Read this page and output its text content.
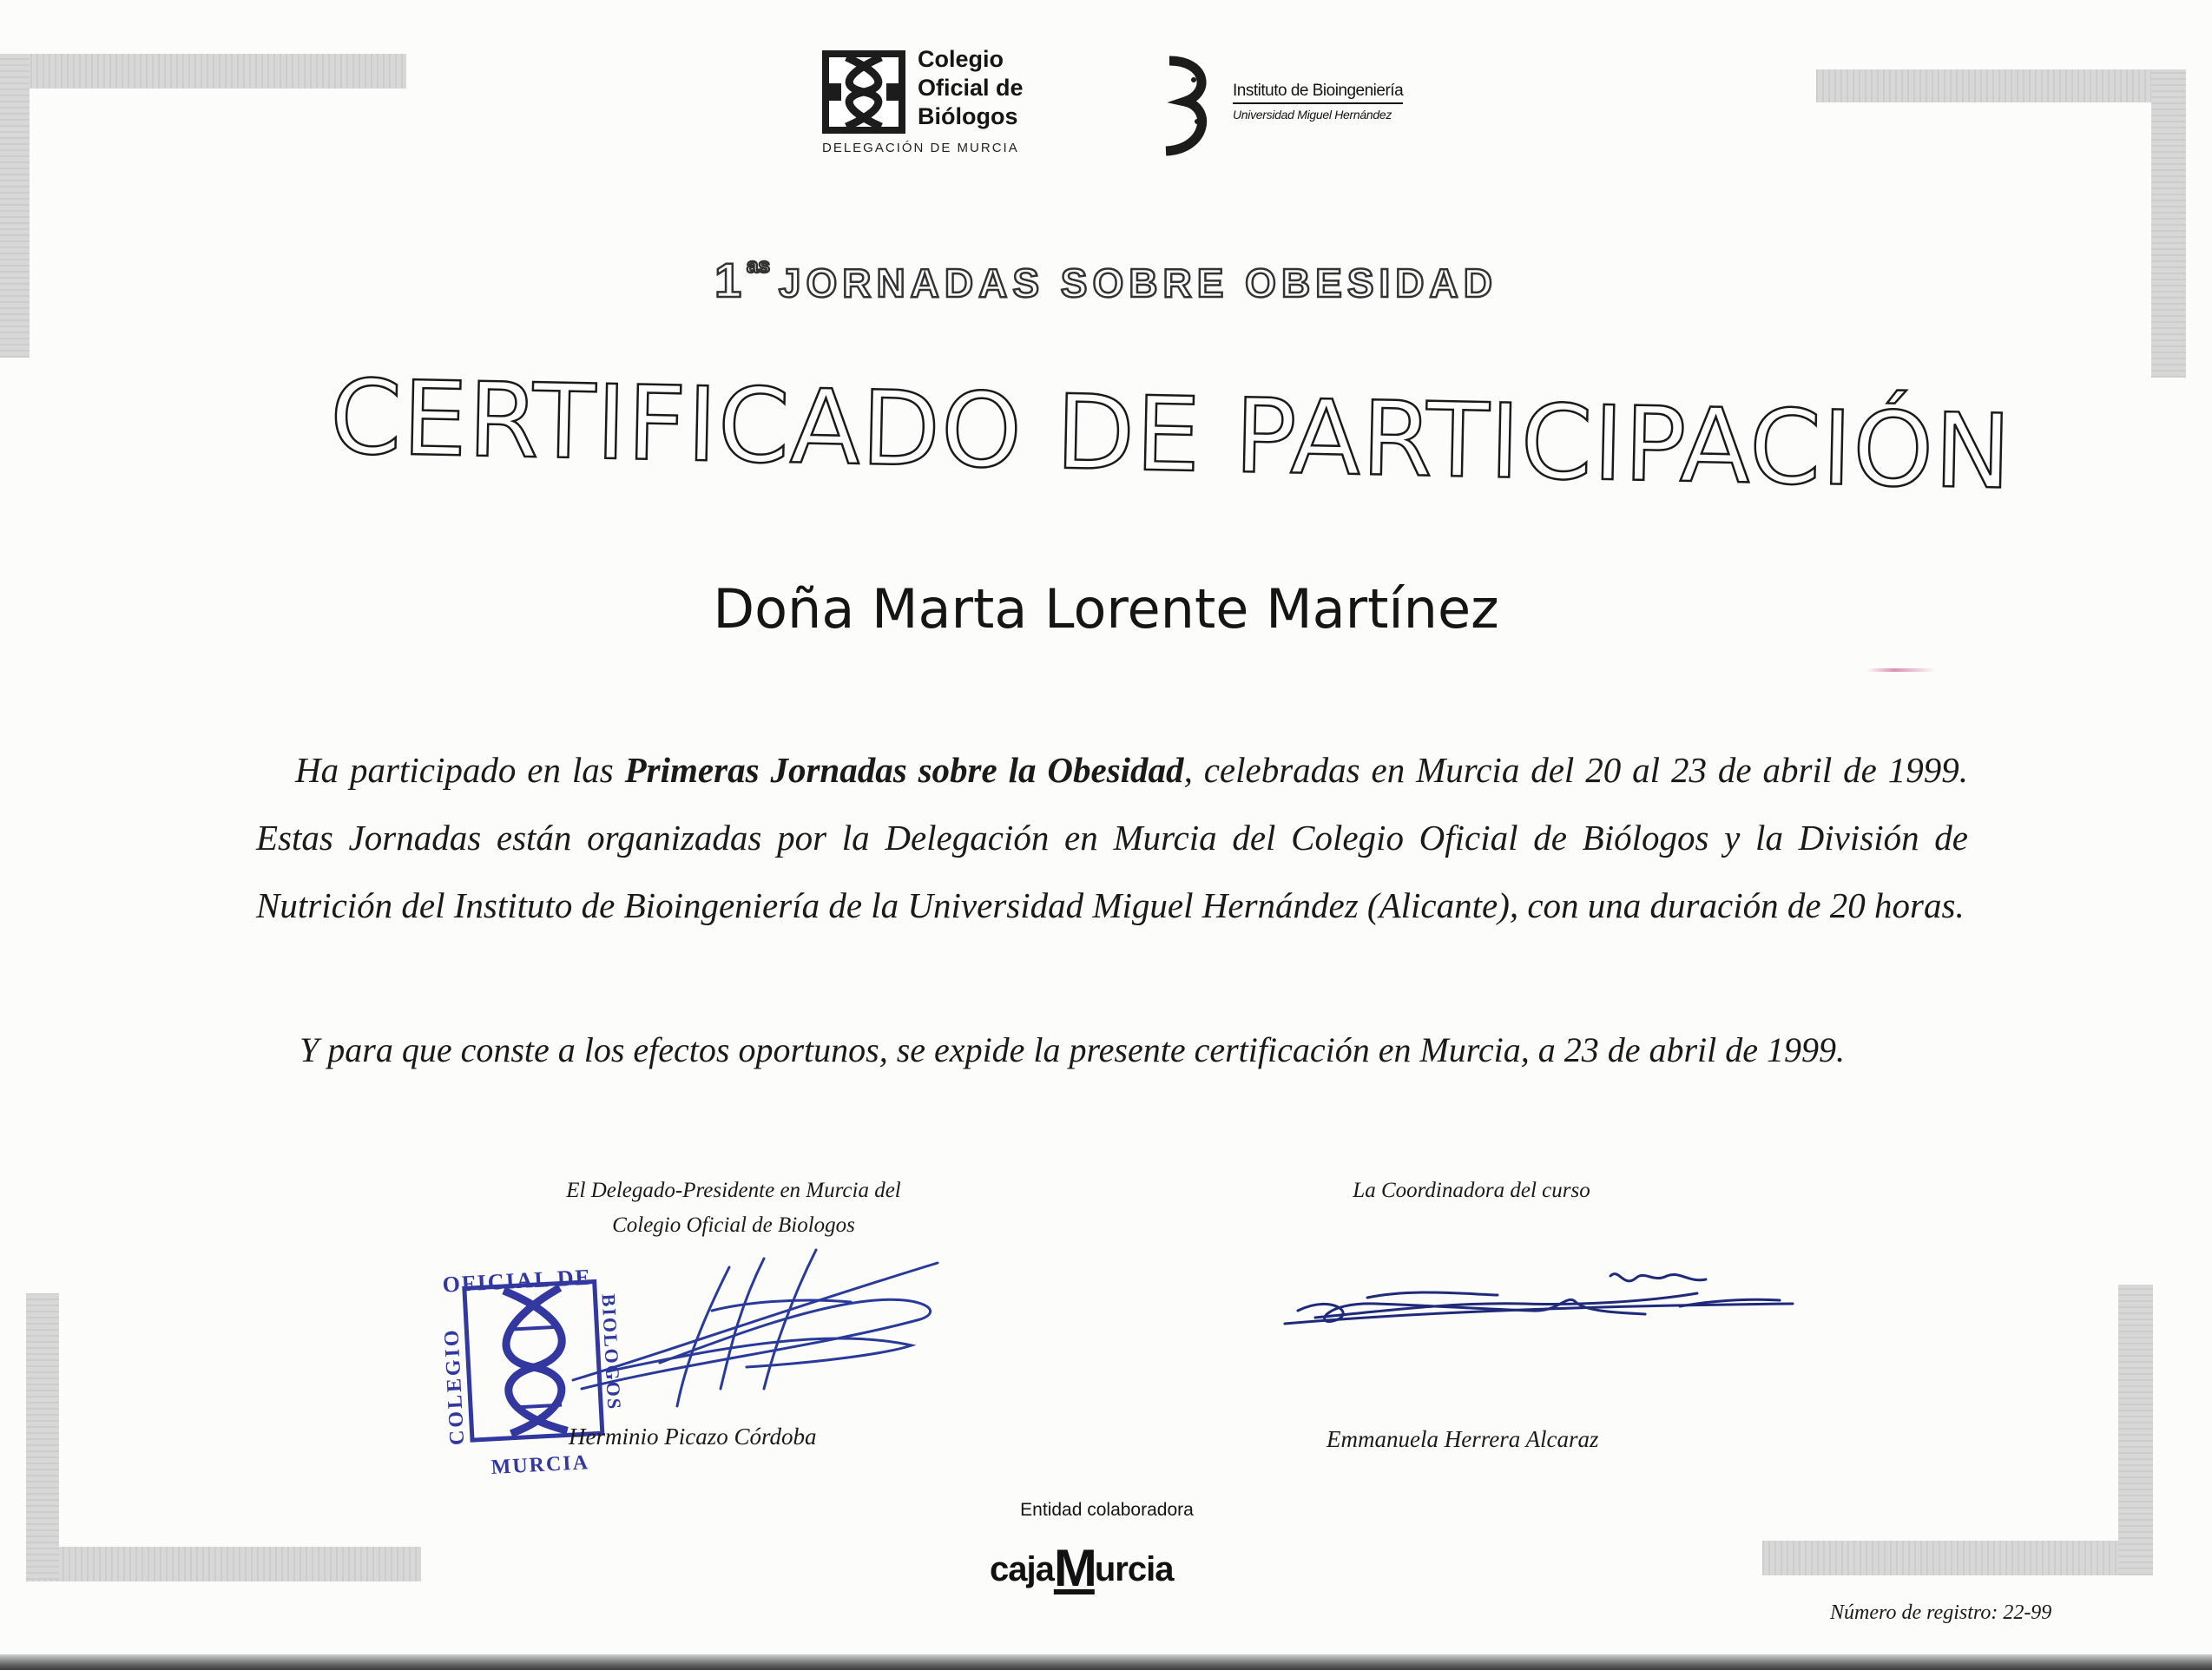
Colegio
Oficial de
Biólogos
DELEGACIÓN DE MURCIA
Instituto de Bioingeniería
Universidad Miguel Hernández
1as JORNADAS SOBRE OBESIDAD
CERTIFICADO DE PARTICIPACIÓN
Doña Marta Lorente Martínez
Ha participado en las Primeras Jornadas sobre la Obesidad, celebradas en Murcia del 20 al 23 de abril de 1999. Estas Jornadas están organizadas por la Delegación en Murcia del Colegio Oficial de Biólogos y la División de Nutrición del Instituto de Bioingeniería de la Universidad Miguel Hernández (Alicante), con una duración de 20 horas.
Y para que conste a los efectos oportunos, se expide la presente certificación en Murcia, a 23 de abril de 1999.
El Delegado-Presidente en Murcia del
Colegio Oficial de Biologos
OFICIAL DE
COLEGIO	BIOLOGOS
MURCIA
Herminio Picazo Córdoba
La Coordinadora del curso
Emmanuela Herrera Alcaraz
Entidad colaboradora
cajaMurcia
Número de registro: 22-99
